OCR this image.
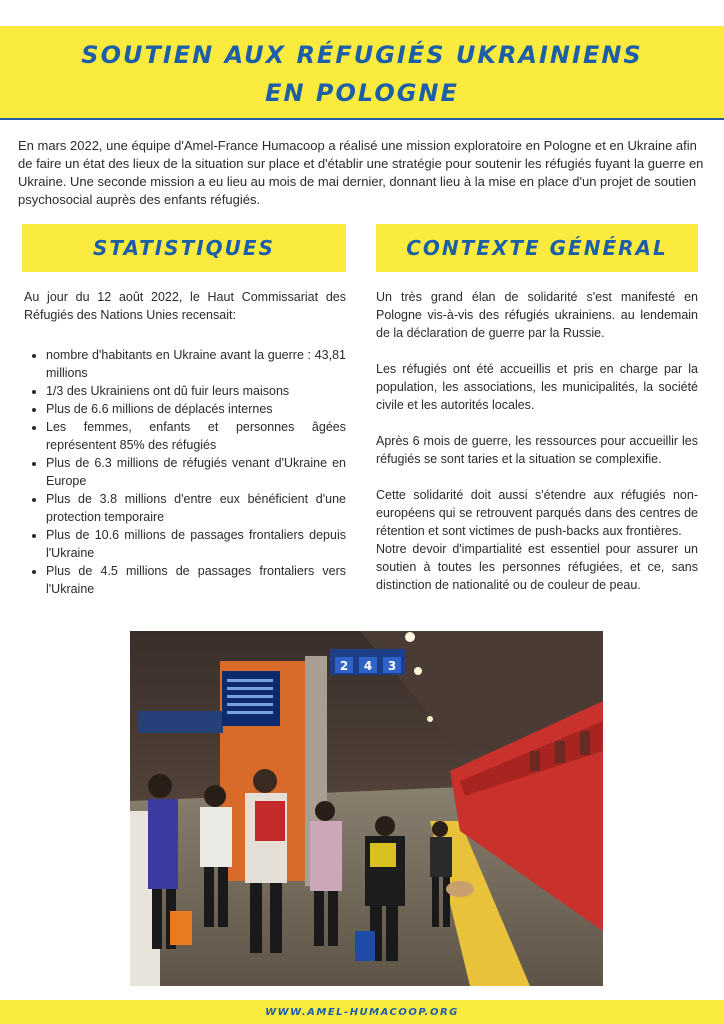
SOUTIEN AUX RÉFUGIÉS UKRAINIENS
EN POLOGNE

En mars 2022, une équipe d'Amel-France Humacoop a réalisé une mission exploratoire en Pologne et en Ukraine afin de faire un état des lieux de la situation sur place et d'établir une stratégie pour soutenir les réfugiés fuyant la guerre en Ukraine. Une seconde mission a eu lieu au mois de mai dernier, donnant lieu à la mise en place d'un projet de soutien psychosocial auprès des enfants réfugiés.

STATISTIQUES	CONTEXTE GÉNÉRAL

Au jour du 12 août 2022, le Haut Commissariat des Réfugiés des Nations Unies recensait:

• nombre d'habitants en Ukraine avant la guerre : 43,81 millions
• 1/3 des Ukrainiens ont dû fuir leurs maisons
• Plus de 6.6 millions de déplacés internes
• Les femmes, enfants et personnes âgées représentent 85% des réfugiés
• Plus de 6.3 millions de réfugiés venant d'Ukraine en Europe
• Plus de 3.8 millions d'entre eux bénéficient d'une protection temporaire
• Plus de 10.6 millions de passages frontaliers depuis l'Ukraine
• Plus de 4.5 millions de passages frontaliers vers l'Ukraine

Un très grand élan de solidarité s'est manifesté en Pologne vis-à-vis des réfugiés ukrainiens. au lendemain de la déclaration de guerre par la Russie.

Les réfugiés ont été accueillis et pris en charge par la population, les associations, les municipalités, la société civile et les autorités locales.

Après 6 mois de guerre, les ressources pour accueillir les réfugiés se sont taries et la situation se complexifie.

Cette solidarité doit aussi s'étendre aux réfugiés non-européens qui se retrouvent parqués dans des centres de rétention et sont victimes de push-backs aux frontières.

Notre devoir d'impartialité est essentiel pour assurer un soutien à toutes les personnes réfugiées, et ce, sans distinction de nationalité ou de couleur de peau.

2 4 3
WWW.AMEL-HUMACOOP.ORG
